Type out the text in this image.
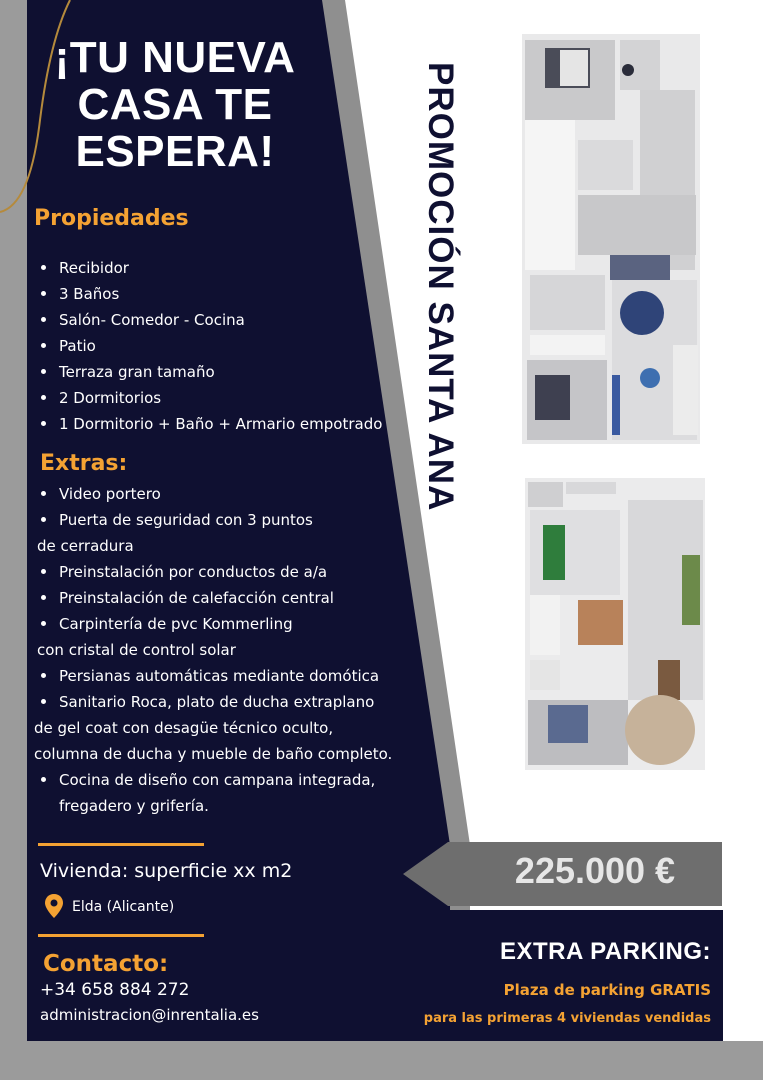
¡TU NUEVA CASA TE ESPERA!	PROMOCIÓN SANTA ANA
Propiedades
Recibidor
3 Baños
Salón- Comedor - Cocina
Patio
Terraza gran tamaño
2 Dormitorios
1 Dormitorio + Baño + Armario empotrado
Extras:
Video portero
Puerta de seguridad con 3 puntos
de cerradura
Preinstalación por conductos de a/a
Preinstalación de calefacción central
Carpintería de pvc Kommerling
con cristal de control solar
Persianas automáticas mediante domótica
Sanitario Roca, plato de ducha extraplano
de gel coat con desagüe técnico oculto,
columna de ducha y mueble de baño completo.
Cocina de diseño con campana integrada,
fregadero y grifería.
Vivienda: superficie xx m2
Elda (Alicante)
Contacto:
+34 658 884 272
administracion@inrentalia.es
225.000 €
EXTRA PARKING:
Plaza de parking GRATIS
para las primeras 4 viviendas vendidas
